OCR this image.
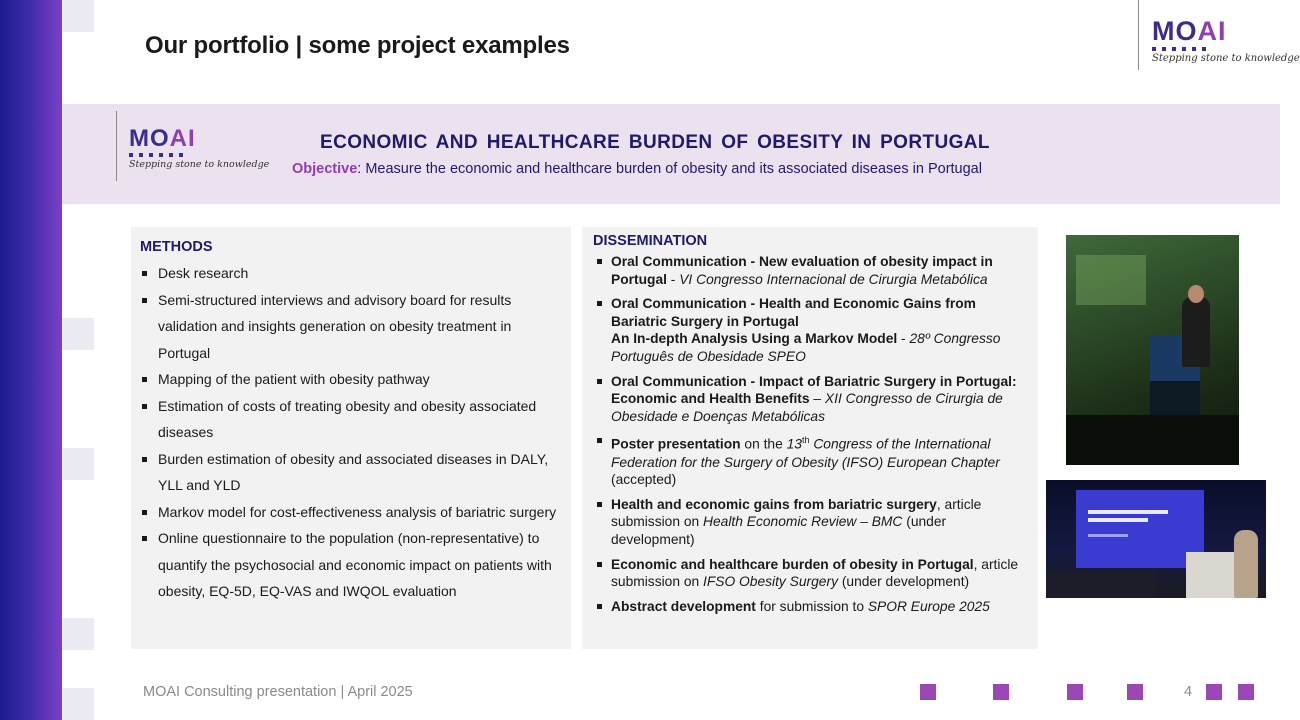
Our portfolio | some project examples	MOAI
Stepping stone to knowledge
MOAI
Stepping stone to knowledge
ECONOMIC AND HEALTHCARE BURDEN OF OBESITY IN PORTUGAL
Objective: Measure the economic and healthcare burden of obesity and its associated diseases in Portugal
METHODS
Desk research
Semi-structured interviews and advisory board for results validation and insights generation on obesity treatment in Portugal
Mapping of the patient with obesity pathway
Estimation of costs of treating obesity and obesity associated diseases
Burden estimation of obesity and associated diseases in DALY, YLL and YLD
Markov model for cost-effectiveness analysis of bariatric surgery
Online questionnaire to the population (non-representative) to quantify the psychosocial and economic impact on patients with obesity, EQ-5D, EQ-VAS and IWQOL evaluation
DISSEMINATION
Oral Communication - New evaluation of obesity impact in Portugal - VI Congresso Internacional de Cirurgia Metabólica
Oral Communication - Health and Economic Gains from Bariatric Surgery in Portugal
An In-depth Analysis Using a Markov Model - 28º Congresso Português de Obesidade SPEO
Oral Communication - Impact of Bariatric Surgery in Portugal: Economic and Health Benefits – XII Congresso de Cirurgia de Obesidade e Doenças Metabólicas
Poster presentation on the 13th Congress of the International Federation for the Surgery of Obesity (IFSO) European Chapter (accepted)
Health and economic gains from bariatric surgery, article submission on Health Economic Review – BMC (under development)
Economic and healthcare burden of obesity in Portugal, article submission on IFSO Obesity Surgery (under development)
Abstract development for submission to SPOR Europe 2025
MOAI Consulting presentation | April 2025	4
